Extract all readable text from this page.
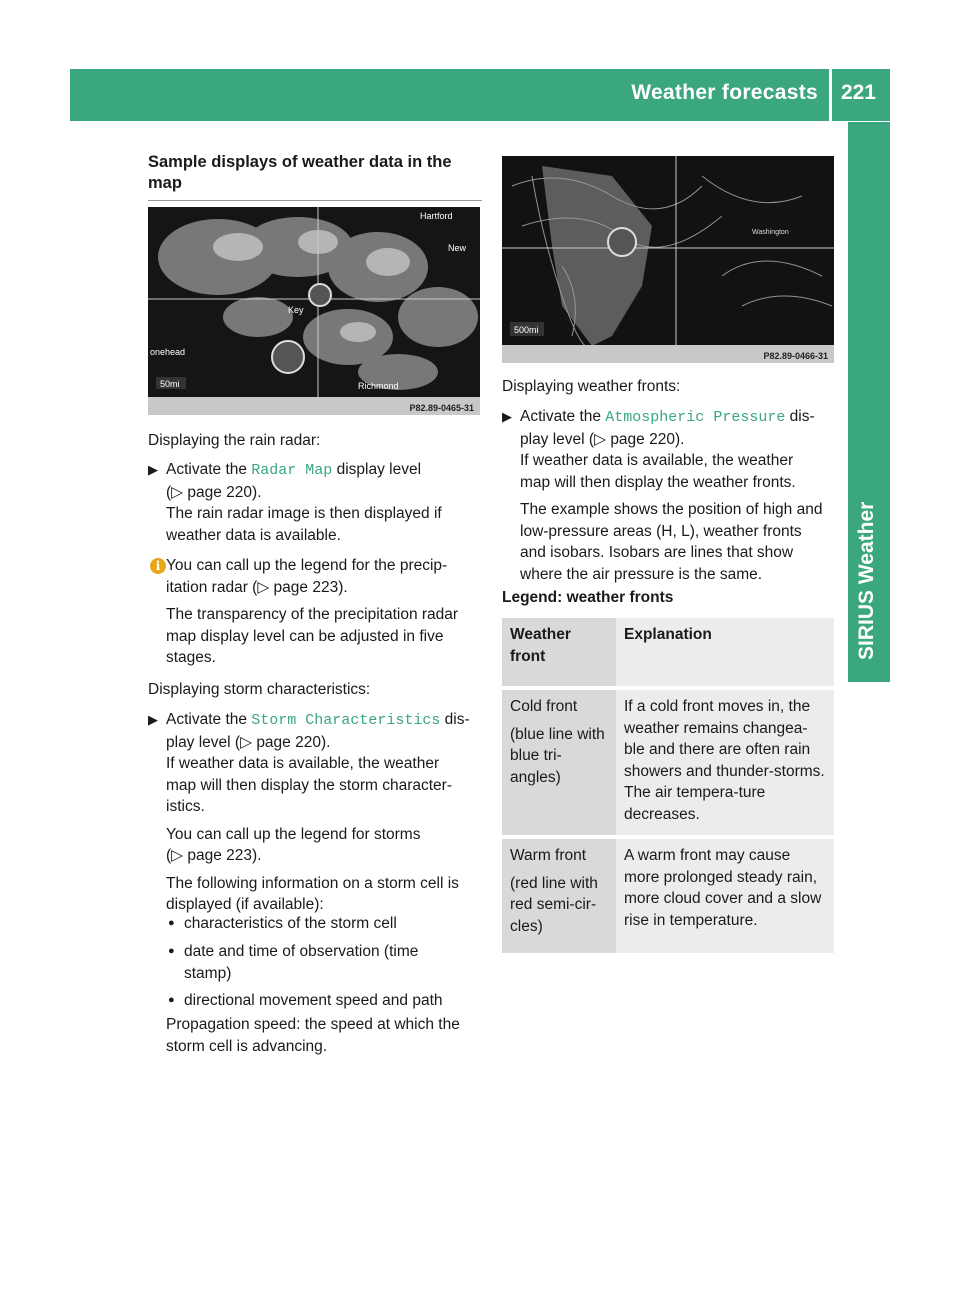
Weather forecasts 221
SIRIUS Weather
Sample displays of weather data in the map
50mi
Hartford
New
onehead
Richmond
Key
P82.89-0465-31

Displaying the rain radar:

▶ Activate the Radar Map display level
(▷ page 220).
The rain radar image is then displayed if
weather data is available.

i You can call up the legend for the precip-
itation radar (▷ page 223).
The transparency of the precipitation radar
map display level can be adjusted in five
stages.

Displaying storm characteristics:

▶ Activate the Storm Characteristics dis-
play level (▷ page 220).
If weather data is available, the weather
map will then display the storm character-
istics.
You can call up the legend for storms
(▷ page 223).
The following information on a storm cell is
displayed (if available):

● characteristics of the storm cell

● date and time of observation (time
stamp)

● directional movement speed and path

Propagation speed: the speed at which the
storm cell is advancing.

500mi
Washington
P82.89-0466-31

Displaying weather fronts:

▶ Activate the Atmospheric Pressure dis-
play level (▷ page 220).
If weather data is available, the weather
map will then display the weather fronts.
The example shows the position of high and
low-pressure areas (H, L), weather fronts
and isobars. Isobars are lines that show
where the air pressure is the same.

Legend: weather fronts

Weather front	Explanation

Cold front

(blue line with blue tri-angles)	If a cold front moves in, the weather remains changea-ble and there are often rain showers and thunder-storms. The air tempera-ture decreases.

Warm front

(red line with red semi-cir-cles)	A warm front may cause more prolonged steady rain, more cloud cover and a slow rise in temperature.
